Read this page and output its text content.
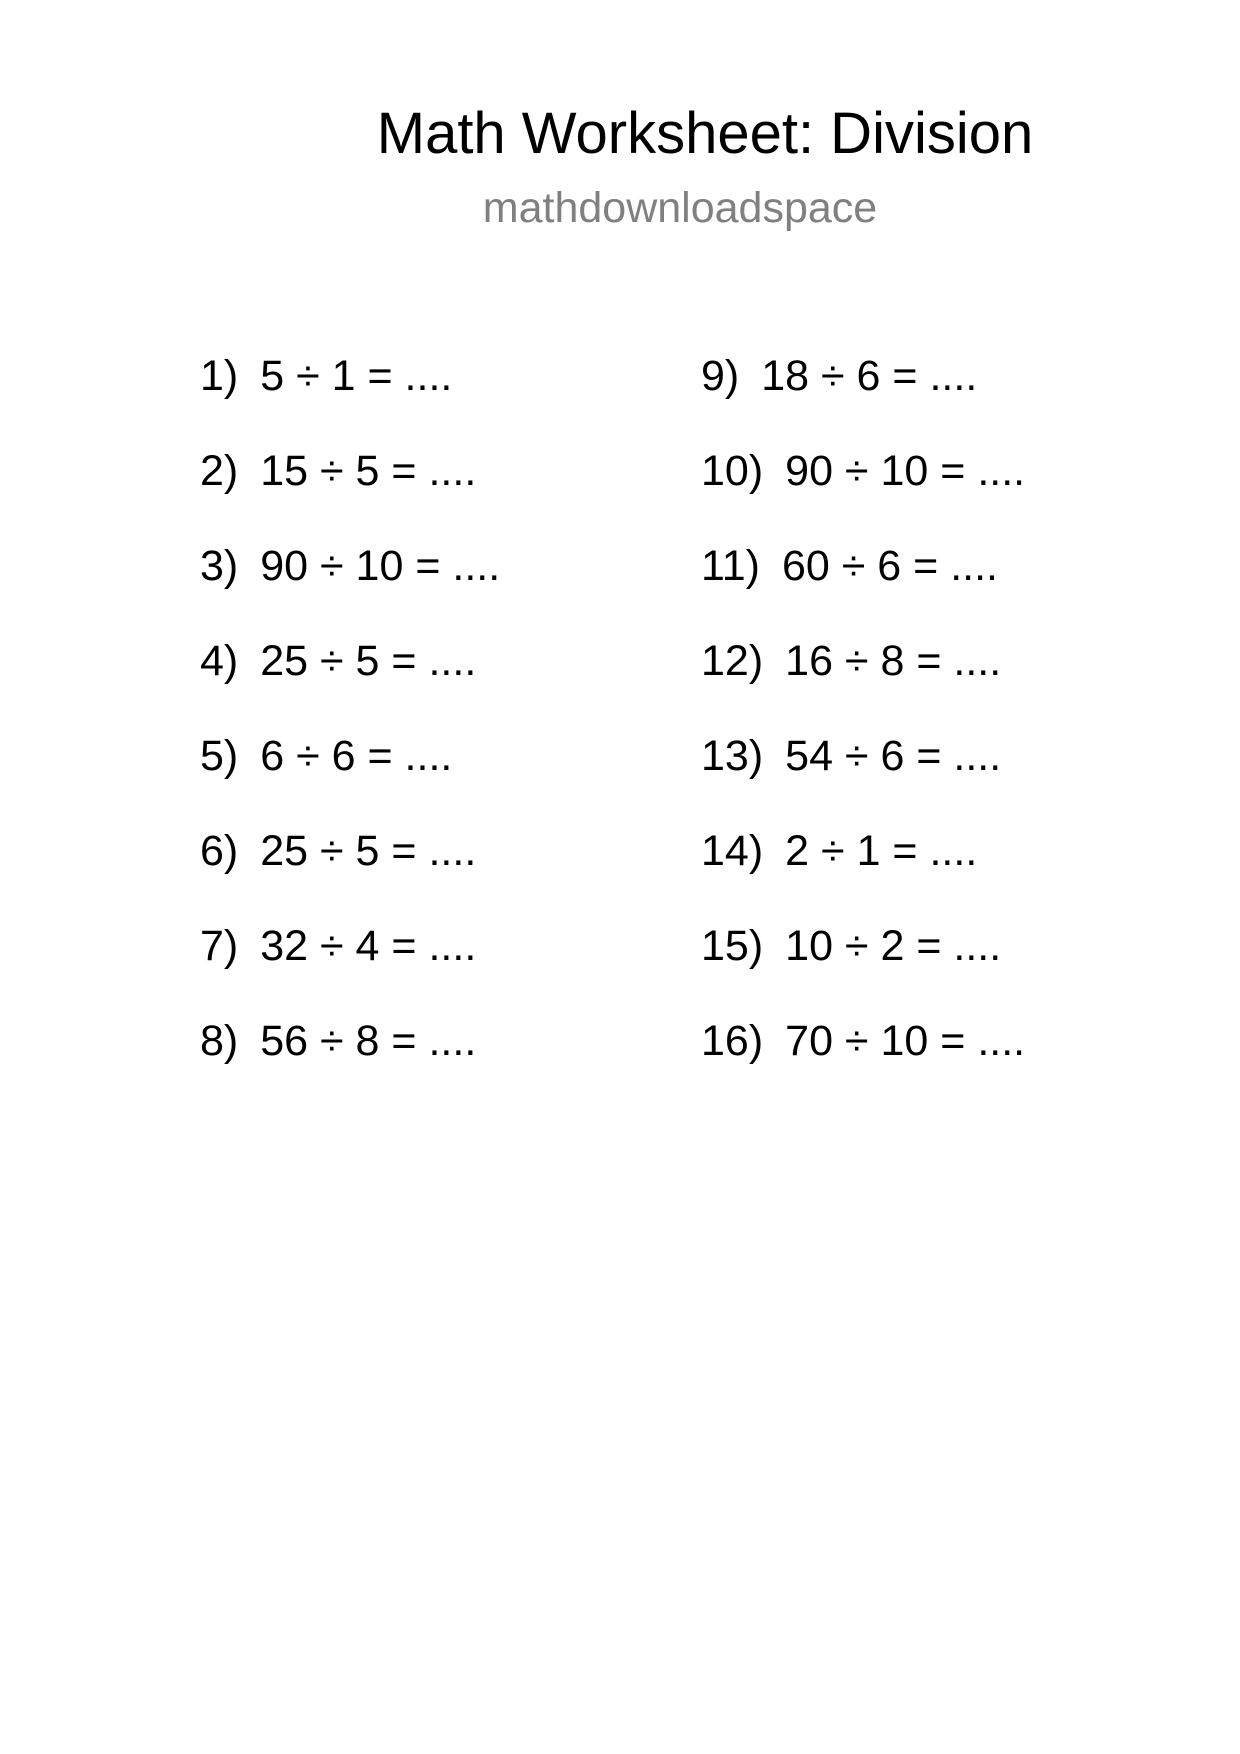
Math Worksheet: Division
mathdownloadspace
1) 5 ÷ 1 = ....
2) 15 ÷ 5 = ....
3) 90 ÷ 10 = ....
4) 25 ÷ 5 = ....
5) 6 ÷ 6 = ....
6) 25 ÷ 5 = ....
7) 32 ÷ 4 = ....
8) 56 ÷ 8 = ....
9) 18 ÷ 6 = ....
10) 90 ÷ 10 = ....
11) 60 ÷ 6 = ....
12) 16 ÷ 8 = ....
13) 54 ÷ 6 = ....
14) 2 ÷ 1 = ....
15) 10 ÷ 2 = ....
16) 70 ÷ 10 = ....
